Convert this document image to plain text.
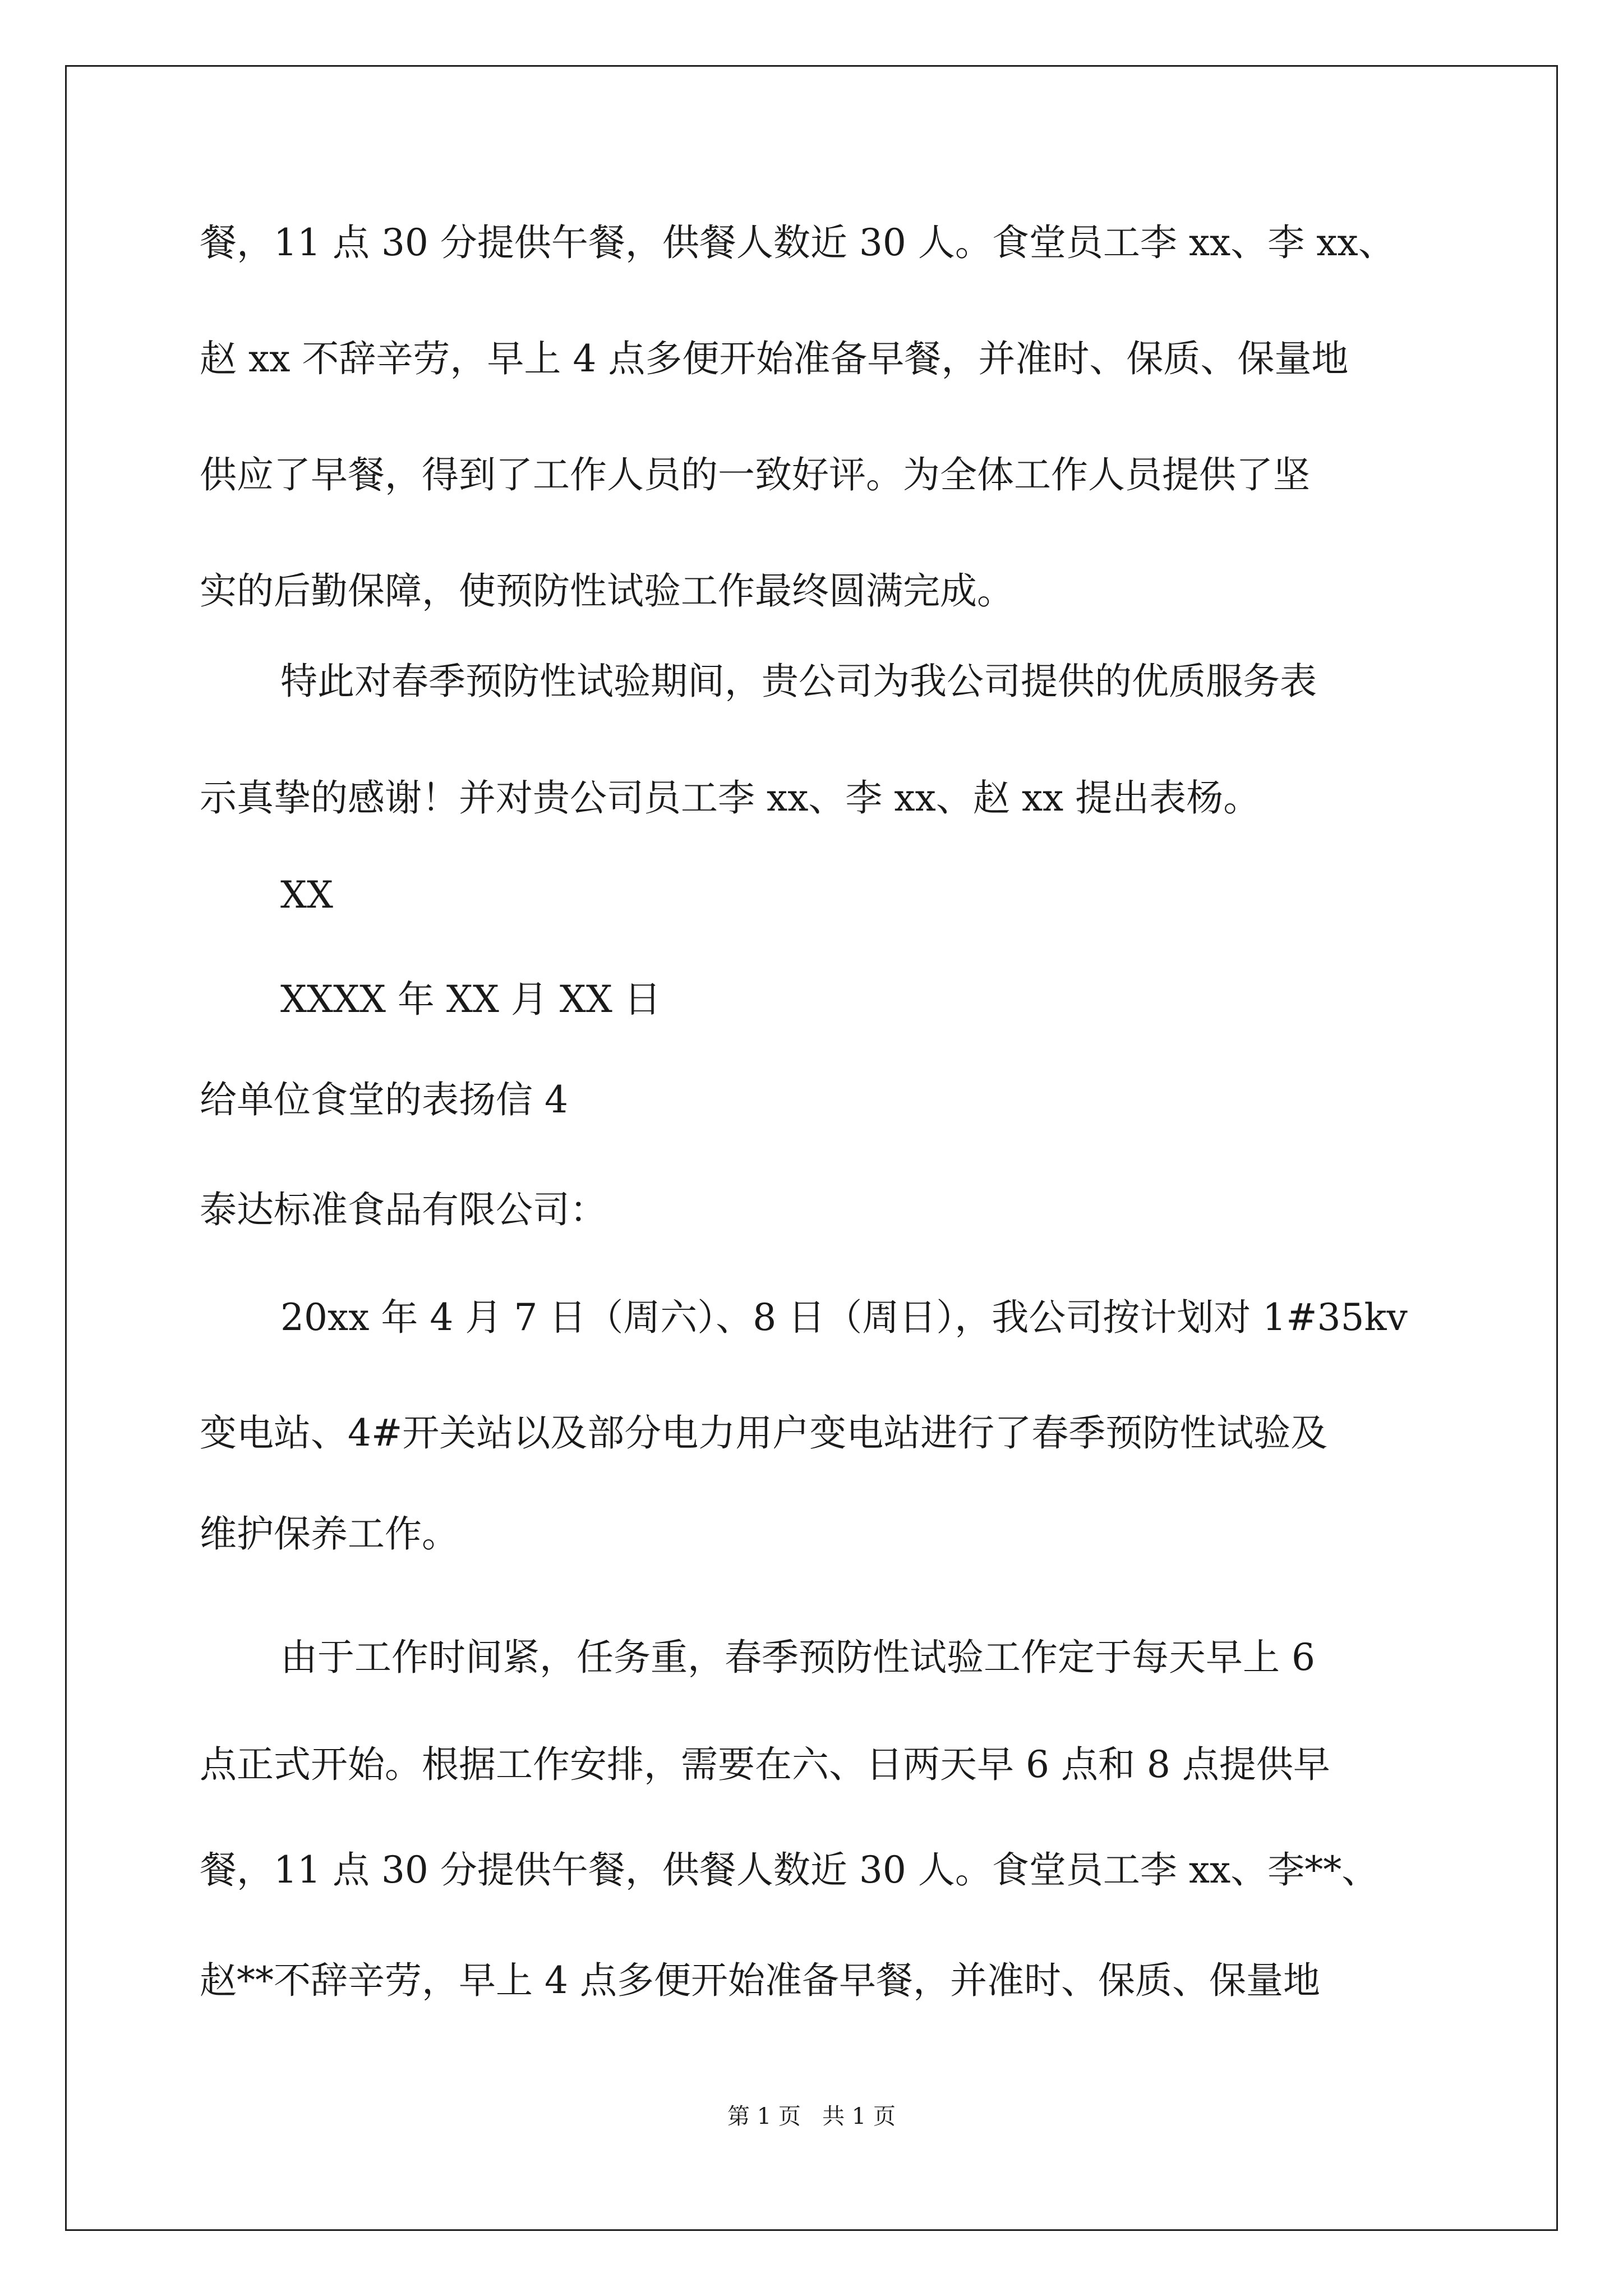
餐，11 点 30 分提供午餐，供餐人数近 30 人。食堂员工李 xx、李 xx、
赵 xx 不辞辛劳，早上 4 点多便开始准备早餐，并准时、保质、保量地
供应了早餐，得到了工作人员的一致好评。为全体工作人员提供了坚
实的后勤保障，使预防性试验工作最终圆满完成。
特此对春季预防性试验期间，贵公司为我公司提供的优质服务表
示真挚的感谢！并对贵公司员工李 xx、李 xx、赵 xx 提出表杨。
XX
XXXX 年 XX 月 XX 日
给单位食堂的表扬信 4
泰达标准食品有限公司：
20xx 年 4 月 7 日（周六）、8 日（周日），我公司按计划对 1#35kv
变电站、4#开关站以及部分电力用户变电站进行了春季预防性试验及
维护保养工作。
由于工作时间紧，任务重，春季预防性试验工作定于每天早上 6
点正式开始。根据工作安排，需要在六、日两天早 6 点和 8 点提供早
餐，11 点 30 分提供午餐，供餐人数近 30 人。食堂员工李 xx、李**、
赵**不辞辛劳，早上 4 点多便开始准备早餐，并准时、保质、保量地
第 1 页   共 1 页
